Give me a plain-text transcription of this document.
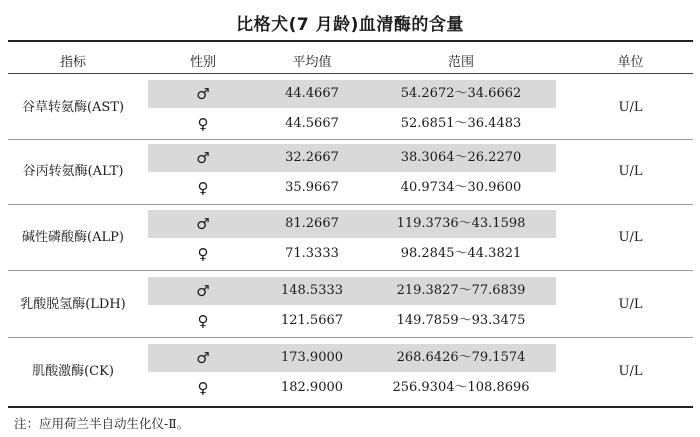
比格犬(7 月龄)血清酶的含量
指标	性别	平均值	范围	单位
谷草转氨酶(AST)
♂	44.4667	54.2672～34.6662
♀	44.5667	52.6851～36.4483
U/L
谷丙转氨酶(ALT)
♂	32.2667	38.3064～26.2270
♀	35.9667	40.9734～30.9600
U/L
碱性磷酸酶(ALP)
♂	81.2667	119.3736～43.1598
♀	71.3333	98.2845～44.3821
U/L
乳酸脱氢酶(LDH)
♂	148.5333	219.3827～77.6839
♀	121.5667	149.7859～93.3475
U/L
肌酸激酶(CK)
♂	173.9000	268.6426～79.1574
♀	182.9000	256.9304～108.8696
U/L
注：应用荷兰半自动生化仪-Ⅱ。
